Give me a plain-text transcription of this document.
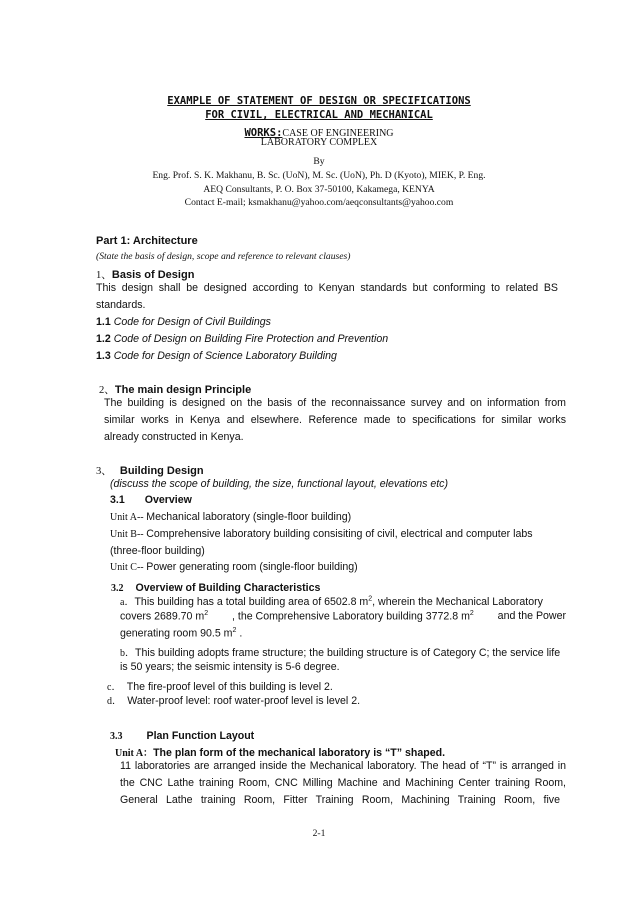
EXAMPLE OF STATEMENT OF DESIGN OR SPECIFICATIONS
FOR CIVIL, ELECTRICAL AND MECHANICAL
WORKS:CASE OF ENGINEERING
LABORATORY COMPLEX
By
Eng. Prof. S. K. Makhanu, B. Sc. (UoN), M. Sc. (UoN), Ph. D (Kyoto), MIEK, P. Eng.
AEQ Consultants, P. O. Box 37-50100, Kakamega, KENYA
Contact E-mail; ksmakhanu@yahoo.com/aeqconsultants@yahoo.com
Part 1: Architecture
(State the basis of design, scope and reference to relevant clauses)
1、Basis of Design
This design shall be designed according to Kenyan standards but conforming to related BS
standards.
1.1 Code for Design of Civil Buildings
1.2 Code of Design on Building Fire Protection and Prevention
1.3 Code for Design of Science Laboratory Building
2、The main design Principle
The building is designed on the basis of the reconnaissance survey and on information from
similar works in Kenya and elsewhere. Reference made to specifications for similar works
already constructed in Kenya.
3、 Building Design
(discuss the scope of building, the size, functional layout, elevations etc)
3.1 Overview
Unit A-- Mechanical laboratory (single-floor building)
Unit B-- Comprehensive laboratory building consisiting of civil, electrical and computer labs
(three-floor building)
Unit C-- Power generating room (single-floor building)
3.2 Overview of Building Characteristics
a．This building has a total building area of 6502.8 $m^2$, wherein the Mechanical Laboratory
covers 2689.70 $m^2$ , the Comprehensive Laboratory building 3772.8 $m^2$ and the Power
generating room 90.5 $m^2$ .
b．This building adopts frame structure; the building structure is of Category C; the service life
is 50 years; the seismic intensity is 5-6 degree.
c． The fire-proof level of this building is level 2.
d． Water-proof level: roof water-proof level is level 2.
3.3 Plan Function Layout
Unit A：The plan form of the mechanical laboratory is “T” shaped.
11 laboratories are arranged inside the Mechanical laboratory. The head of “T” is arranged in
the CNC Lathe training Room, CNC Milling Machine and Machining Center training Room,
General Lathe training Room, Fitter Training Room, Machining Training Room, five
2-1
